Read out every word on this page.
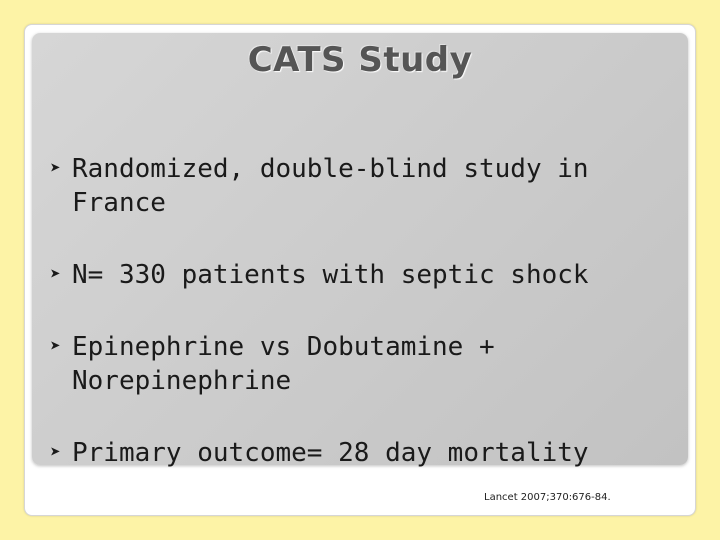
CATS Study
➤ Randomized, double-blind study in France
➤ N= 330 patients with septic shock
➤ Epinephrine vs Dobutamine + Norepinephrine
➤ Primary outcome= 28 day mortality
Lancet 2007;370:676-84.
